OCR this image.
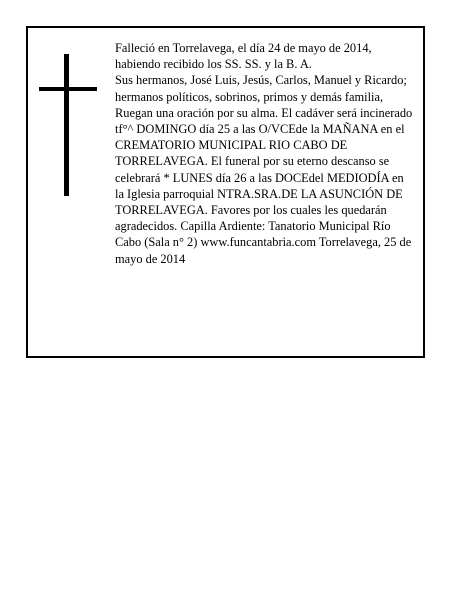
Falleció en Torrelavega, el día 24 de mayo de 2014, habiendo recibido los SS. SS. y la B. A.

Sus hermanos, José Luis, Jesús, Carlos, Manuel y Ricardo; hermanos políticos, sobrinos, primos y demás familia,

Ruegan una oración por su alma. El cadáver será incinerado tf°^ DOMINGO día 25 a las O/VCEde la MAÑANA en el CREMATORIO MUNICIPAL RIO CABO DE TORRELAVEGA. El funeral por su eterno descanso se celebrará * LUNES día 26 a las DOCEdel MEDIODÍA en la Iglesia parroquial NTRA.SRA.DE LA ASUNCIÓN DE TORRELAVEGA. Favores por los cuales les quedarán agradecidos. Capilla Ardiente: Tanatorio Municipal Río Cabo (Sala n° 2) www.funcantabria.com Torrelavega, 25 de mayo de 2014
